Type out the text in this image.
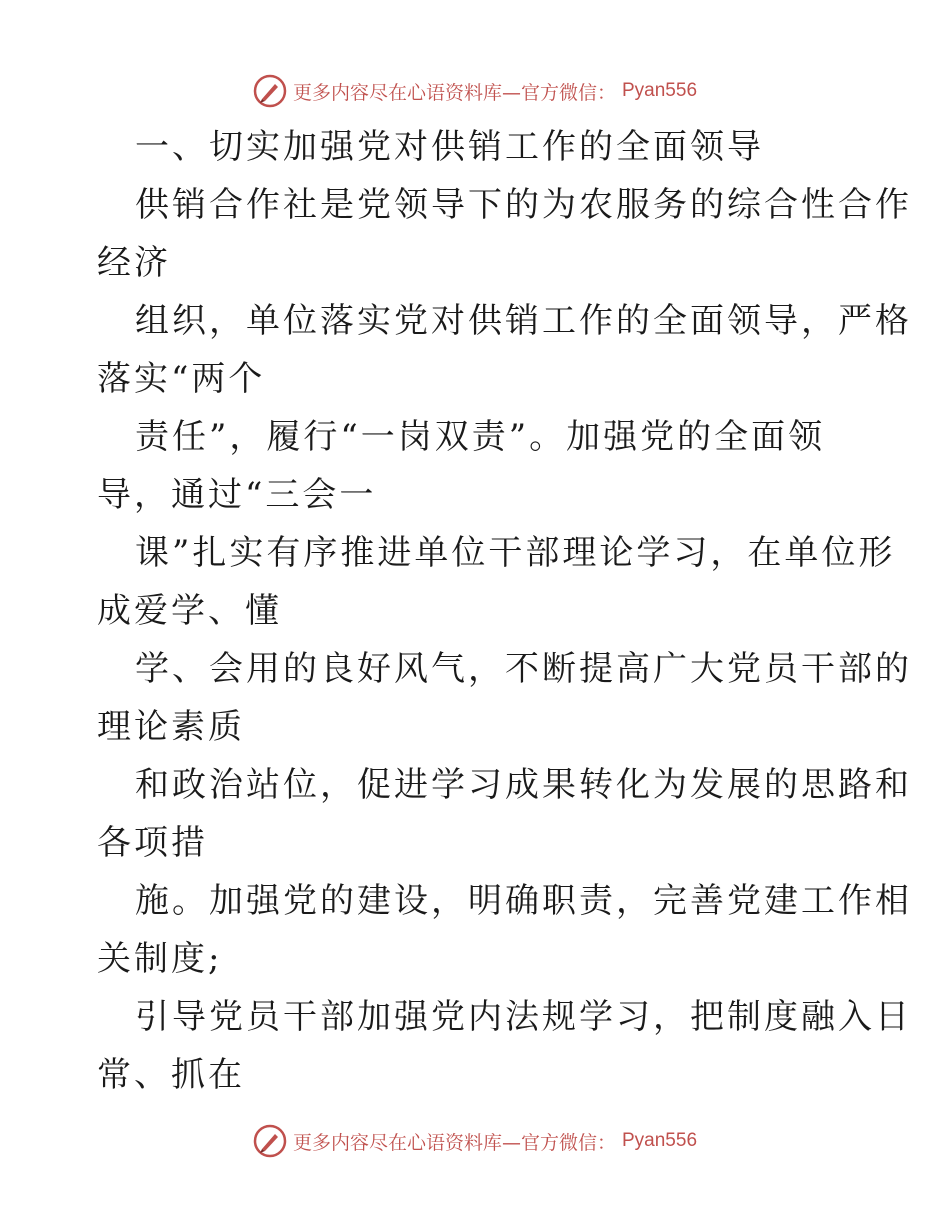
更多内容尽在心语资料库—官方微信： Pyan556
一、切实加强党对供销工作的全面领导
供销合作社是党领导下的为农服务的综合性合作
经济
组织，单位落实党对供销工作的全面领导，严格
落实“两个
责任”，履行“一岗双责”。加强党的全面领
导，通过“三会一
课”扎实有序推进单位干部理论学习，在单位形
成爱学、懂
学、会用的良好风气，不断提高广大党员干部的
理论素质
和政治站位，促进学习成果转化为发展的思路和
各项措
施。加强党的建设，明确职责，完善党建工作相
关制度;
引导党员干部加强党内法规学习，把制度融入日
常、抓在
更多内容尽在心语资料库—官方微信： Pyan556
